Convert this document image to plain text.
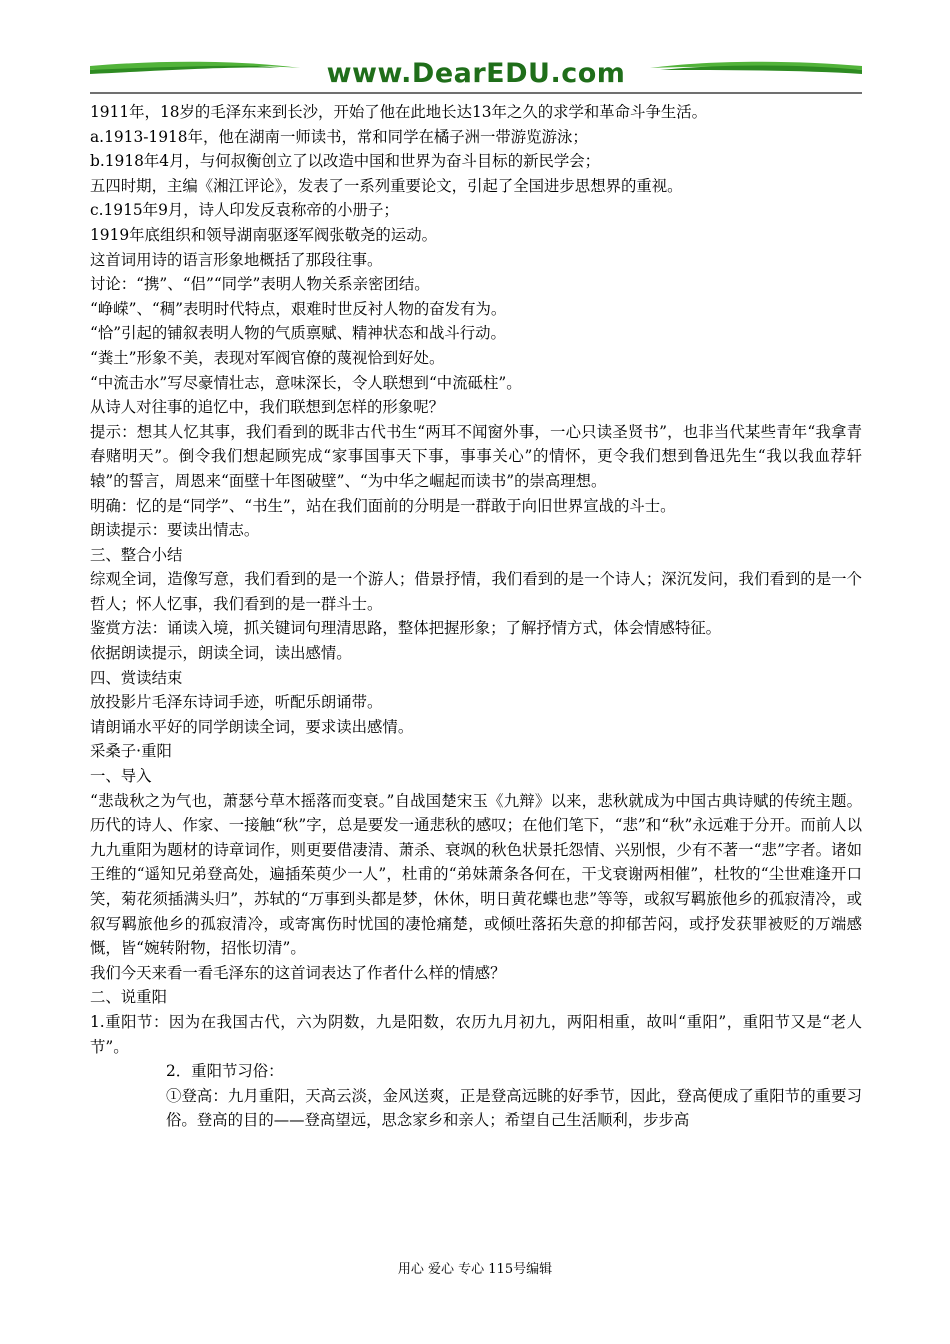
www.DearEDU.com

1911年，18岁的毛泽东来到长沙，开始了他在此地长达13年之久的求学和革命斗争生活。

a.1913-1918年，他在湖南一师读书，常和同学在橘子洲一带游览游泳；

b.1918年4月，与何叔衡创立了以改造中国和世界为奋斗目标的新民学会；

五四时期，主编《湘江评论》，发表了一系列重要论文，引起了全国进步思想界的重视。

c.1915年9月，诗人印发反袁称帝的小册子；

1919年底组织和领导湖南驱逐军阀张敬尧的运动。

这首词用诗的语言形象地概括了那段往事。

讨论：“携”、“侣”“同学”表明人物关系亲密团结。

“峥嵘”、“稠”表明时代特点，艰难时世反衬人物的奋发有为。

“恰”引起的铺叙表明人物的气质禀赋、精神状态和战斗行动。

“粪土”形象不美，表现对军阀官僚的蔑视恰到好处。

“中流击水”写尽豪情壮志，意味深长，令人联想到“中流砥柱”。

从诗人对往事的追忆中，我们联想到怎样的形象呢？

提示：想其人忆其事，我们看到的既非古代书生“两耳不闻窗外事，一心只读圣贤书”，也非当代某些青年“我拿青春赌明天”。倒令我们想起顾宪成“家事国事天下事，事事关心”的情怀，更令我们想到鲁迅先生“我以我血荐轩辕”的誓言，周恩来“面壁十年图破壁”、“为中华之崛起而读书”的崇高理想。

明确：忆的是“同学”、“书生”，站在我们面前的分明是一群敢于向旧世界宣战的斗士。

朗读提示：要读出情志。

三、整合小结

综观全词，造像写意，我们看到的是一个游人；借景抒情，我们看到的是一个诗人；深沉发问，我们看到的是一个哲人；怀人忆事，我们看到的是一群斗士。

鉴赏方法：诵读入境，抓关键词句理清思路，整体把握形象；了解抒情方式，体会情感特征。

依据朗读提示，朗读全词，读出感情。

四、赏读结束

放投影片毛泽东诗词手迹，听配乐朗诵带。

请朗诵水平好的同学朗读全词，要求读出感情。

采桑子·重阳

一、导入

“悲哉秋之为气也，萧瑟兮草木摇落而变衰。”自战国楚宋玉《九辩》以来，悲秋就成为中国古典诗赋的传统主题。历代的诗人、作家、一接触“秋”字，总是要发一通悲秋的感叹；在他们笔下，“悲”和“秋”永远难于分开。而前人以九九重阳为题材的诗章词作，则更要借凄清、萧杀、衰飒的秋色状景托怨情、兴别恨，少有不著一“悲”字者。诸如王维的“遥知兄弟登高处，遍插茱萸少一人”，杜甫的“弟妹萧条各何在，干戈衰谢两相催”，杜牧的“尘世难逢开口笑，菊花须插满头归”，苏轼的“万事到头都是梦，休休，明日黄花蝶也悲”等等，或叙写羁旅他乡的孤寂清冷，或叙写羁旅他乡的孤寂清冷，或寄寓伤时忧国的凄怆痛楚，或倾吐落拓失意的抑郁苦闷，或抒发获罪被贬的万端感慨，皆“婉转附物，招怅切清”。

我们今天来看一看毛泽东的这首词表达了作者什么样的情感？

二、说重阳

1.重阳节：因为在我国古代，六为阴数，九是阳数，农历九月初九，两阳相重，故叫“重阳”，重阳节又是“老人节”。

2．重阳节习俗：

①登高：九月重阳，天高云淡，金风送爽，正是登高远眺的好季节，因此，登高便成了重阳节的重要习俗。登高的目的——登高望远，思念家乡和亲人；希望自己生活顺利，步步高

用心 爱心 专心 115号编辑
